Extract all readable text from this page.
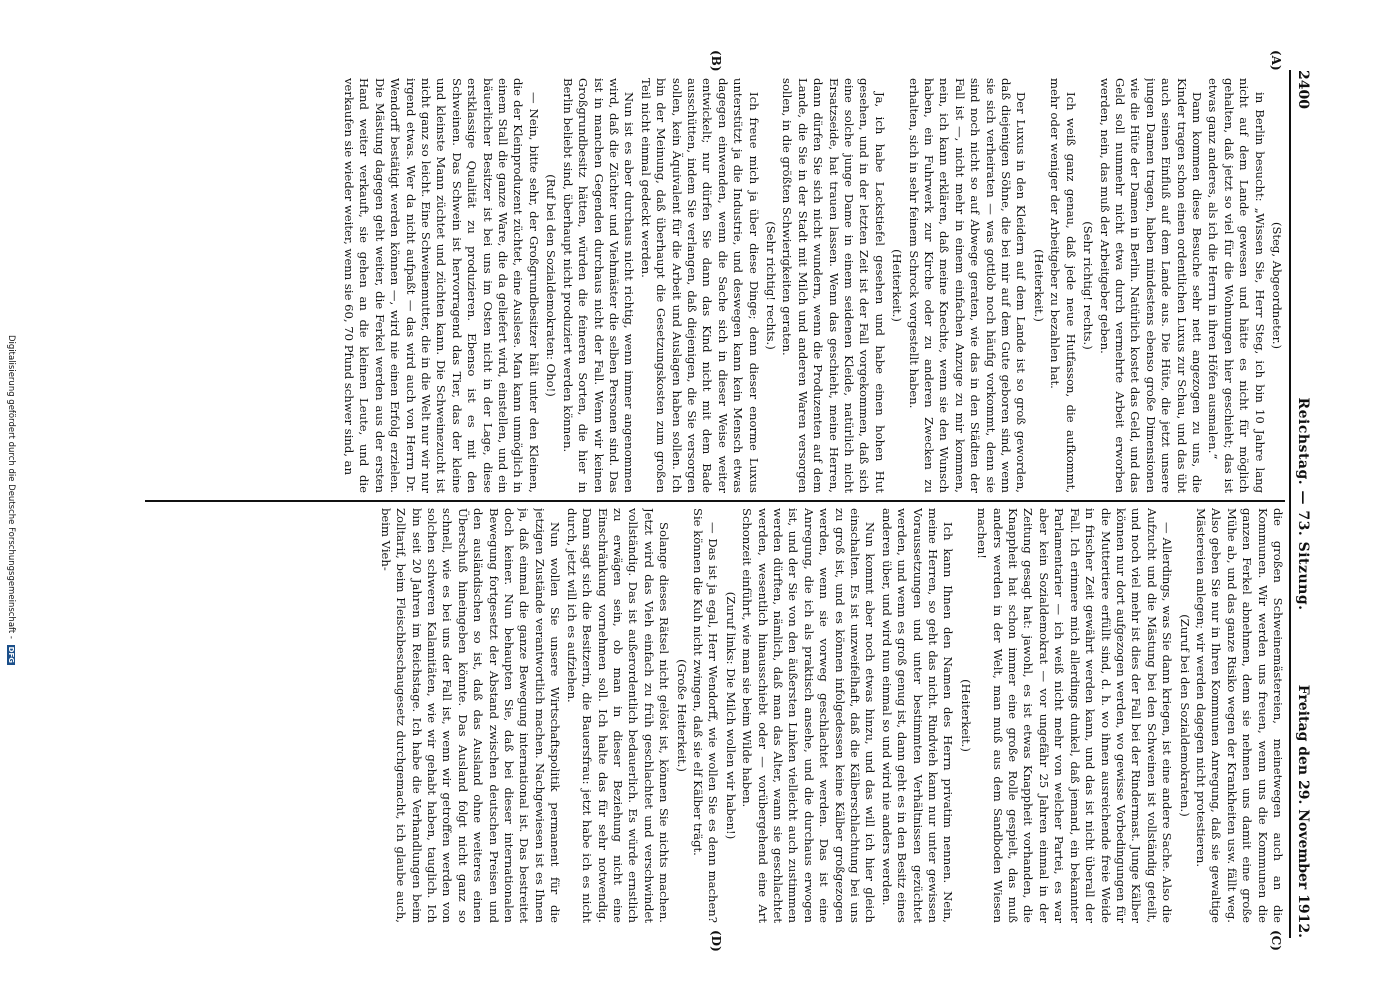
2400
Reichstag. — 73. Sitzung.
Freitag den 29. November 1912.
(A)
(B)
(C)
(D)

(Steg, Abgeordneter.)

in Berlin besucht: „Wissen Sie, Herr Steg, ich bin 10 Jahre lang nicht auf dem Lande gewesen und hätte es nicht für möglich gehalten, daß jetzt so viel für die Wohnungen hier geschieht; das ist etwas ganz anderes, als ich die Herrn in ihren Höfen ausmalen.“

Dann kommen diese Besuche sehr nett angezogen zu uns, die Kinder tragen schon einen ordentlichen Luxus zur Schau, und das übt auch seinen Einfluß auf dem Lande aus. Die Hüte, die jetzt unsere jungen Damen tragen, haben mindestens ebenso große Dimensionen wie die Hüte der Damen in Berlin. Natürlich kostet das Geld, und das Geld soll nunmehr nicht etwa durch vermehrte Arbeit erworben werden, nein, das muß der Arbeitgeber geben.

(Sehr richtig! rechts.)

Ich weiß ganz genau, daß jede neue Hutfasson, die aufkommt, mehr oder weniger der Arbeitgeber zu bezahlen hat.

(Heiterkeit.)

Der Luxus in den Kleidern auf dem Lande ist so groß geworden, daß diejenigen Söhne, die bei mir auf dem Gute geboren sind, wenn sie sich verheiraten — was gottlob noch häufig vorkommt, denn sie sind noch nicht so auf Abwege geraten, wie das in den Städten der Fall ist —, nicht mehr in einem einfachen Anzuge zu mir kommen, nein, ich kann erklären, daß meine Knechte, wenn sie den Wunsch haben, ein Fuhrwerk zur Kirche oder zu anderen Zwecken zu erhalten, sich in sehr feinem Schrock vorgestellt haben.

(Heiterkeit.)

Ja, ich habe Lackstiefel gesehen und habe einen hohen Hut gesehen, und in der letzten Zeit ist der Fall vorgekommen, daß sich eine solche junge Dame in einem seidenen Kleide, natürlich nicht Ersatzseide, hat trauen lassen. Wenn das geschieht, meine Herren, dann dürfen Sie sich nicht wundern, wenn die Produzenten auf dem Lande, die Sie in der Stadt mit Milch und anderen Waren versorgen sollen, in die größten Schwierigkeiten geraten.

(Sehr richtig! rechts.)

Ich freue mich ja über diese Dinge; denn dieser enorme Luxus unterstützt ja die Industrie, und deswegen kann kein Mensch etwas dagegen einwenden, wenn die Sache sich in dieser Weise weiter entwickelt; nur dürfen Sie dann das Kind nicht mit dem Bade ausschütten, indem Sie verlangen, daß diejenigen, die Sie versorgen sollen, kein Äquivalent für die Arbeit und Auslagen haben sollen. Ich bin der Meinung, daß überhaupt die Gesetzungskosten zum großen Teil nicht einmal gedeckt werden.

Nun ist es aber durchaus nicht richtig, wenn immer angenommen wird, daß die Züchter und Viehmäster die selben Personen sind. Das ist in manchen Gegenden durchaus nicht der Fall. Wenn wir keinen Großgrundbesitz hätten, würden die feineren Sorten, die hier in Berlin beliebt sind, überhaupt nicht produziert werden können.

(Ruf bei den Sozialdemokraten: Oho!)

— Nein, bitte sehr, der Großgrundbesitzer hält unter den Kleinen, die der Kleinproduzent züchtet, eine Auslese. Man kann unmöglich in einem Stall die ganze Ware, die da geliefert wird, einstellen, und ein bäuerlicher Besitzer ist bei uns im Osten nicht in der Lage, diese erstklassige Qualität zu produzieren. Ebenso ist es mit den Schweinen. Das Schwein ist hervorragend das Tier, das der kleine und kleinste Mann züchtet und züchten kann. Die Schweinezucht ist nicht ganz so leicht. Eine Schweinemutter, die in die Welt nur wir nur irgend etwas. Wer da nicht aufpaßt — das wird auch von Herrn Dr. Wendorff bestätigt werden können —, wird nie einen Erfolg erzielen. Die Mästung dagegen geht weiter, die Ferkel werden aus der ersten Hand weiter verkauft, sie gehen an die kleinen Leute, und die verkaufen sie wieder weiter, wenn sie 60, 70 Pfund schwer sind, an

die großen Schweinemästereien, meinetwegen auch an die Kommunen. Wir werden uns freuen, wenn uns die Kommunen die ganzen Ferkel abnehmen, denn sie nehmen uns damit eine große Mühe ab, und das ganze Risiko wegen der Krankheiten usw. fällt weg. Also geben Sie nur in Ihren Kommunen Anregung, daß sie gewaltige Mästereien anlegen; wir werden dagegen nicht protestieren.

(Zuruf bei den Sozialdemokraten.)

— Allerdings, was Sie dann kriegen, ist eine andere Sache. Also die Aufzucht und die Mästung bei den Schweinen ist vollständig geteilt, und noch viel mehr ist dies der Fall bei der Rindermast. Junge Kälber können nur dort aufgezogen werden, wo gewisse Vorbedingungen für die Muttertiere erfüllt sind, d. h. wo ihnen ausreichende freie Weide in frischer Zeit gewährt werden kann, und das ist nicht überall der Fall. Ich erinnere mich allerdings dunkel, daß jemand, ein bekannter Parlamentarier — ich weiß nicht mehr von welcher Partei, es war aber kein Sozialdemokrat — vor ungefähr 25 Jahren einmal in der Zeitung gesagt hat: jawohl, es ist etwas Knappheit vorhanden, die Knappheit hat schon immer eine große Rolle gespielt, das muß anders werden in der Welt, man muß aus dem Sandboden Wiesen machen!

(Heiterkeit.)

Ich kann Ihnen den Namen des Herrn privatim nennen. Nein, meine Herren, so geht das nicht. Rindvieh kann nur unter gewissen Voraussetzungen und unter bestimmten Verhältnissen gezüchtet werden, und wenn es groß genug ist, dann geht es in den Besitz eines anderen über, und wird nun einmal so und wird nie anders werden.

Nun kommt aber noch etwas hinzu, und das will ich hier gleich einschalten. Es ist unzweifelhaft, daß die Kälberschlachtung bei uns zu groß ist, und es können infolgedessen keine Kälber großgezogen werden, wenn sie vorweg geschlachtet werden. Das ist eine Anregung, die ich als praktisch ansehe, und die durchaus erwogen ist, und der Sie von den äußersten Linken vielleicht auch zustimmen werden dürften, nämlich, daß man das Alter, wann sie geschlachtet werden, wesentlich hinausschiebt oder — vorübergehend eine Art Schonzeit einführt, wie man sie beim Wilde haben.

(Zuruf links: Die Milch wollen wir haben!)

— Das ist ja egal, Herr Wendorff, wie wollen Sie es denn machen? Sie können die Kuh nicht zwingen, daß sie elf Kälber trägt.

(Große Heiterkeit.)

Solange dieses Rätsel nicht gelöst ist, können Sie nichts machen. Jetzt wird das Vieh einfach zu früh geschlachtet und verschwindet vollständig. Das ist außerordentlich bedauerlich. Es würde ernstlich zu erwägen sein, ob man in dieser Beziehung nicht eine Einschränkung vornehmen soll. Ich halte das für sehr notwendig. Dann sagt sich die Besitzerin, die Bauersfrau: jetzt habe ich es nicht durch, jetzt will ich es aufziehen.

Nun wollen Sie unsere Wirtschaftspolitik permanent für die jetzigen Zustände verantwortlich machen. Nachgewiesen ist es Ihnen ja, daß einmal die ganze Bewegung international ist. Das bestreitet doch keiner. Nun behaupten Sie, daß bei dieser internationalen Bewegung fortgesetzt der Abstand zwischen deutschen Preisen und den ausländischen so ist, daß das Ausland ohne weiteres einen Überschuß hineingeben könnte. Das Ausland folgt nicht ganz so schnell, wie es bei uns der Fall ist, wenn wir getroffen werden von solchen schweren Kalamitäten, wie wir gehabt haben, tauglich. Ich bin seit 20 Jahren im Reichstage. Ich habe die Verhandlungen beim Zolltarif, beim Fleischbeschaugesetz durchgemacht, ich glaube auch, beim Vieh-

Digitalisierung gefördert durch die Deutsche Forschungsgemeinschaft - DFG
